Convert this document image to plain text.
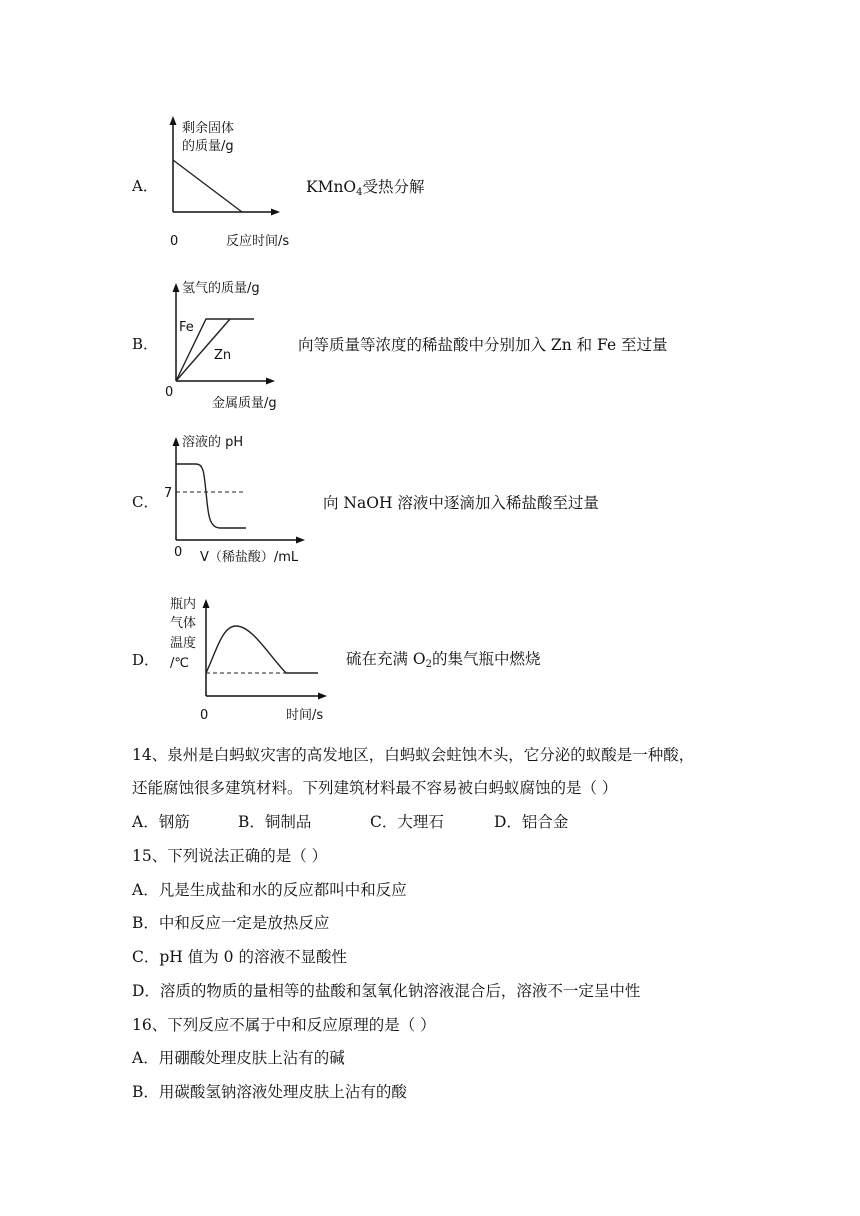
A．
剩余固体
的质量/g
0	反应时间/s
KMnO$_4$受热分解
B．
氢气的质量/g
Fe
Zn
0
金属质量/g
向等质量等浓度的稀盐酸中分别加入 Zn 和 Fe 至过量
C．
溶液的 pH
7
0 V（稀盐酸）/mL
向 NaOH 溶液中逐滴加入稀盐酸至过量
D．
瓶内
气体
温度
/℃
0	时间/s
硫在充满 $O_2$的集气瓶中燃烧
14、泉州是白蚂蚁灾害的高发地区，白蚂蚁会蛀蚀木头，它分泌的蚁酸是一种酸，
还能腐蚀很多建筑材料。下列建筑材料最不容易被白蚂蚁腐蚀的是（ ）
A．钢筋	B．铜制品	C．大理石	D．铝合金
15、下列说法正确的是（ ）
A．凡是生成盐和水的反应都叫中和反应
B．中和反应一定是放热反应
C．pH 值为 0 的溶液不显酸性
D．溶质的物质的量相等的盐酸和氢氧化钠溶液混合后，溶液不一定呈中性
16、下列反应不属于中和反应原理的是（ ）
A．用硼酸处理皮肤上沾有的碱
B．用碳酸氢钠溶液处理皮肤上沾有的酸
